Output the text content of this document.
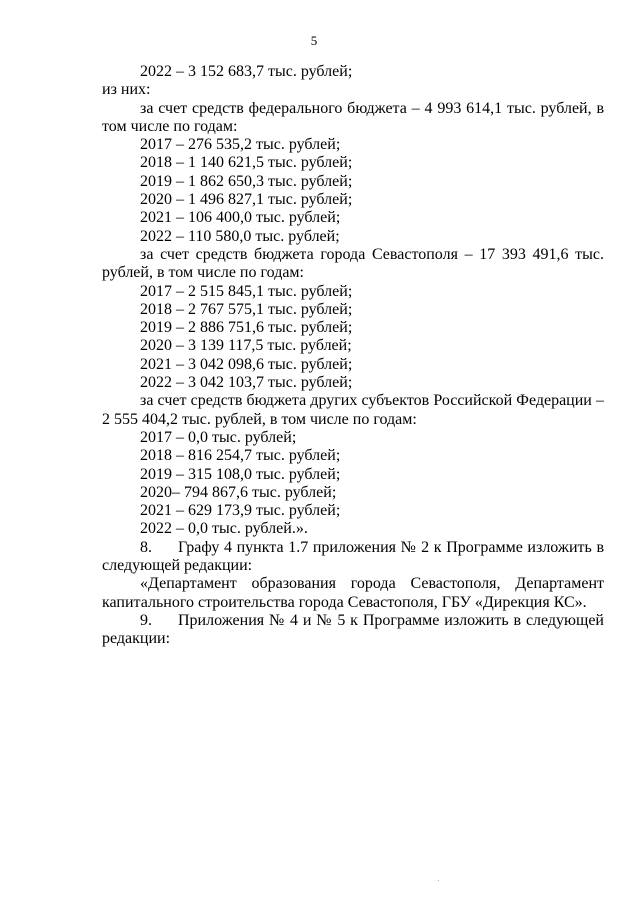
5

2022 – 3 152 683,7 тыс. рублей;

из них:

за счет средств федерального бюджета – 4 993 614,1 тыс. рублей, в том числе по годам:

2017 – 276 535,2 тыс. рублей;

2018 – 1 140 621,5 тыс. рублей;

2019 – 1 862 650,3 тыс. рублей;

2020 – 1 496 827,1 тыс. рублей;

2021 – 106 400,0 тыс. рублей;

2022 – 110 580,0 тыс. рублей;

за счет средств бюджета города Севастополя – 17 393 491,6 тыс. рублей, в том числе по годам:

2017 – 2 515 845,1 тыс. рублей;

2018 – 2 767 575,1 тыс. рублей;

2019 – 2 886 751,6 тыс. рублей;

2020 – 3 139 117,5 тыс. рублей;

2021 – 3 042 098,6 тыс. рублей;

2022 – 3 042 103,7 тыс. рублей;

за счет средств бюджета других субъектов Российской Федерации – 2 555 404,2 тыс. рублей, в том числе по годам:

2017 – 0,0 тыс. рублей;

2018 – 816 254,7 тыс. рублей;

2019 – 315 108,0 тыс. рублей;

2020– 794 867,6 тыс. рублей;

2021 – 629 173,9 тыс. рублей;

2022 – 0,0 тыс. рублей.».

8. Графу 4 пункта 1.7 приложения № 2 к Программе изложить в следующей редакции:

«Департамент образования города Севастополя, Департамент капитального строительства города Севастополя, ГБУ «Дирекция КС».

9. Приложения № 4 и № 5 к Программе изложить в следующей редакции:
